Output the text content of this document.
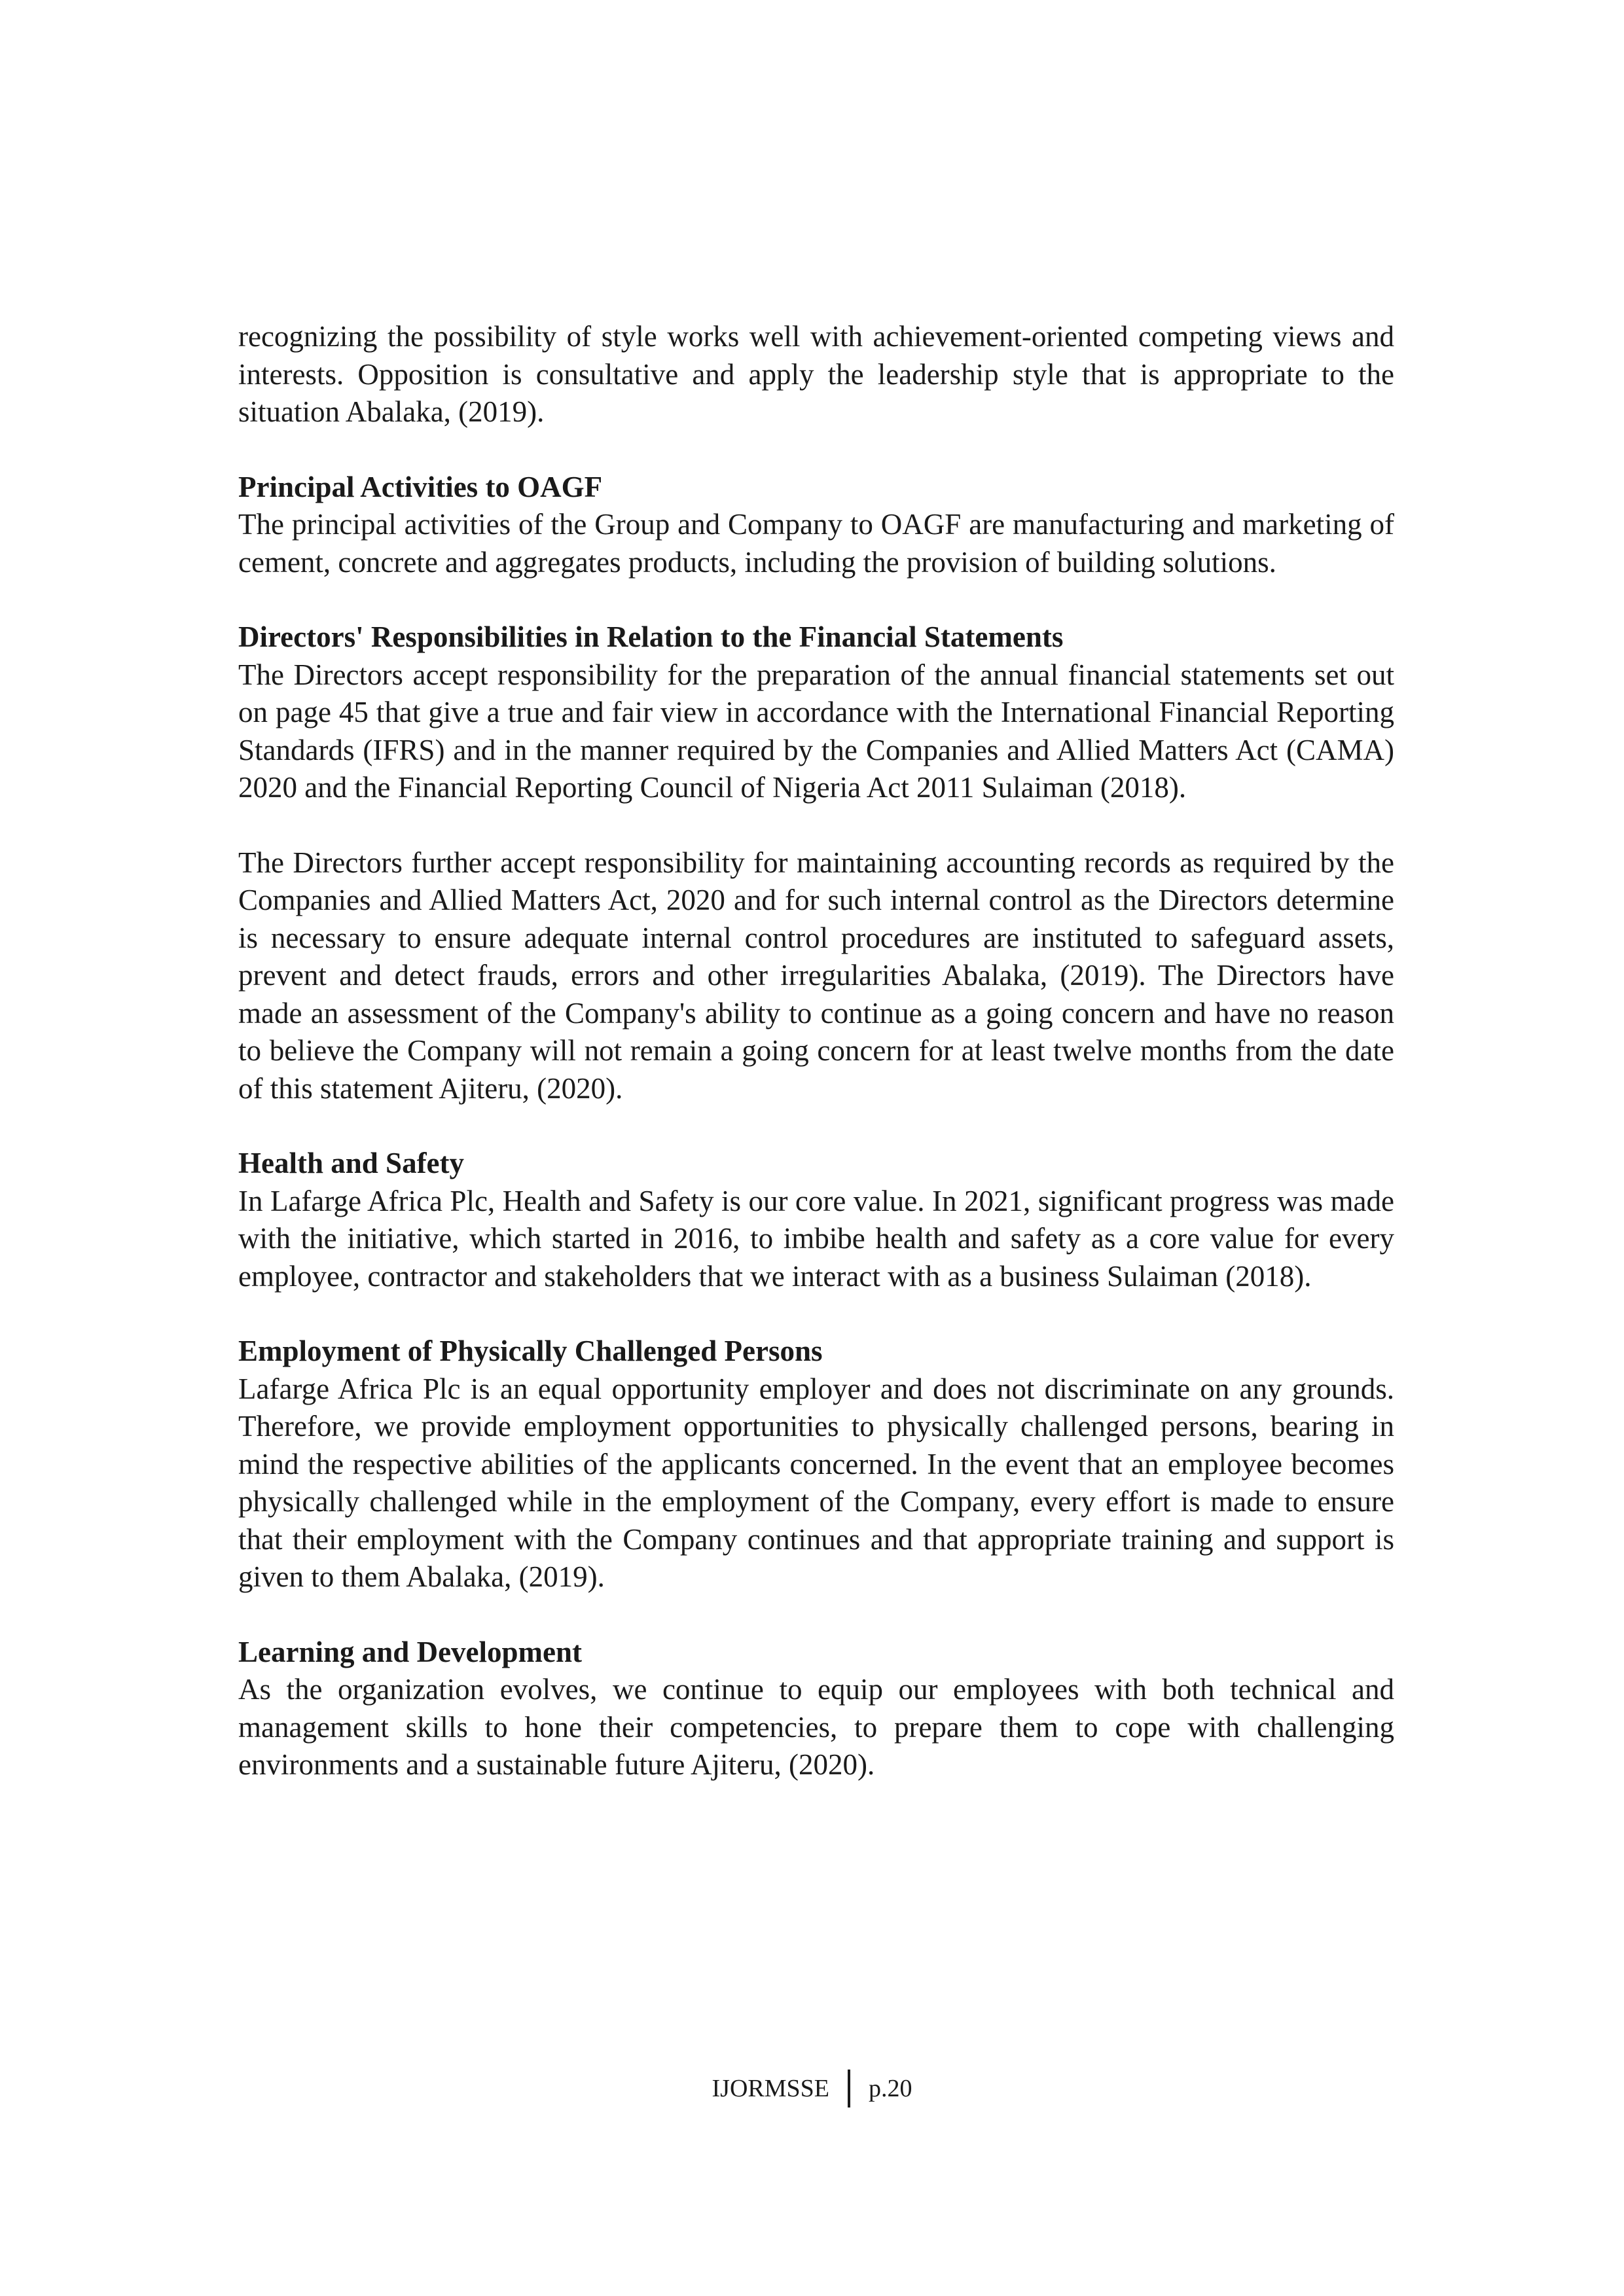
recognizing the possibility of style works well with achievement-oriented competing views and interests. Opposition is consultative and apply the leadership style that is appropriate to the situation Abalaka, (2019).

Principal Activities to OAGF

The principal activities of the Group and Company to OAGF are manufacturing and marketing of cement, concrete and aggregates products, including the provision of building solutions.

Directors' Responsibilities in Relation to the Financial Statements

The Directors accept responsibility for the preparation of the annual financial statements set out on page 45 that give a true and fair view in accordance with the International Financial Reporting Standards (IFRS) and in the manner required by the Companies and Allied Matters Act (CAMA) 2020 and the Financial Reporting Council of Nigeria Act 2011 Sulaiman (2018).

The Directors further accept responsibility for maintaining accounting records as required by the Companies and Allied Matters Act, 2020 and for such internal control as the Directors determine is necessary to ensure adequate internal control procedures are instituted to safeguard assets, prevent and detect frauds, errors and other irregularities Abalaka, (2019). The Directors have made an assessment of the Company's ability to continue as a going concern and have no reason to believe the Company will not remain a going concern for at least twelve months from the date of this statement Ajiteru, (2020).

Health and Safety

In Lafarge Africa Plc, Health and Safety is our core value. In 2021, significant progress was made with the initiative, which started in 2016, to imbibe health and safety as a core value for every employee, contractor and stakeholders that we interact with as a business Sulaiman (2018).

Employment of Physically Challenged Persons

Lafarge Africa Plc is an equal opportunity employer and does not discriminate on any grounds. Therefore, we provide employment opportunities to physically challenged persons, bearing in mind the respective abilities of the applicants concerned. In the event that an employee becomes physically challenged while in the employment of the Company, every effort is made to ensure that their employment with the Company continues and that appropriate training and support is given to them Abalaka, (2019).

Learning and Development

As the organization evolves, we continue to equip our employees with both technical and management skills to hone their competencies, to prepare them to cope with challenging environments and a sustainable future Ajiteru, (2020).

IJORMSSE p.20
